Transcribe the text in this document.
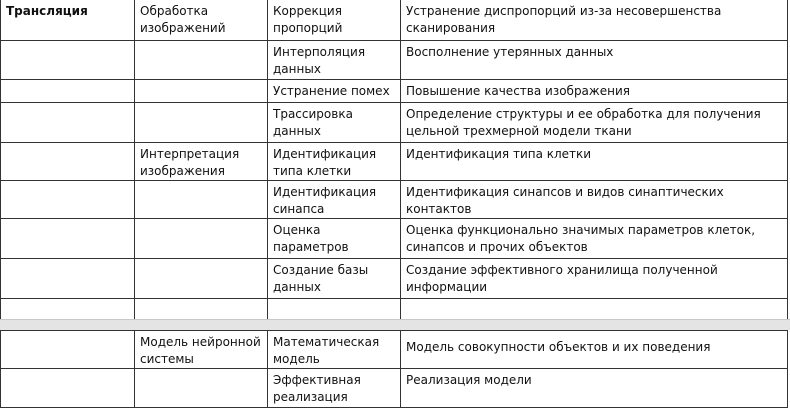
Трансляция	Обработка изображений	Коррекция пропорций	Устранение диспропорций из-за несовершенства сканирования
		Интерполяция данных	Восполнение утерянных данных
		Устранение помех	Повышение качества изображения
		Трассировка данных	Определение структуры и ее обработка для получения цельной трехмерной модели ткани
	Интерпретация изображения	Идентификация типа клетки	Идентификация типа клетки
		Идентификация синапса	Идентификация синапсов и видов синаптических контактов
		Оценка параметров	Оценка функционально значимых параметров клеток, синапсов и прочих объектов
		Создание базы данных	Создание эффективного хранилища полученной информации

	Модель нейронной системы	Математическая модель	Модель совокупности объектов и их поведения
		Эффективная реализация	Реализация модели
